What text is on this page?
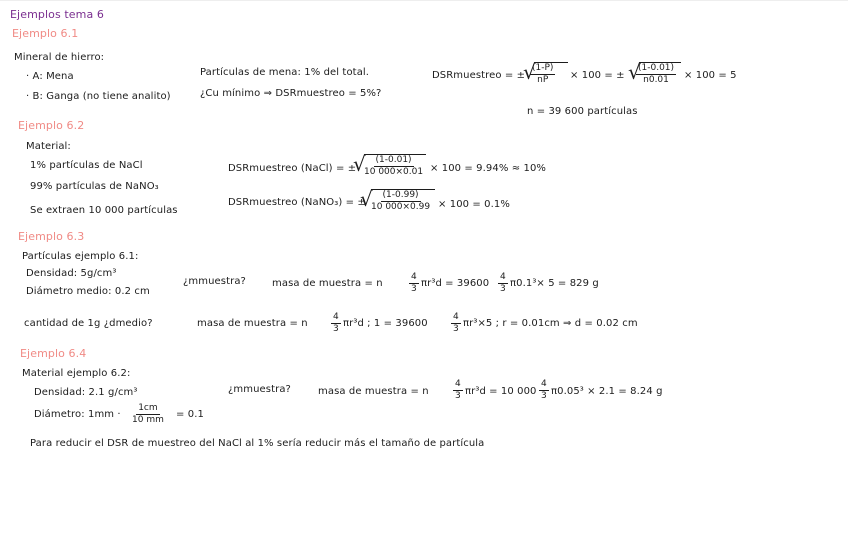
Ejemplos tema 6
Ejemplo 6.1
Mineral de hierro:
· A: Mena
· B: Ganga (no tiene analito)
Partículas de mena: 1% del total.
¿Cu mínimo ⇒ DSRmuestreo = 5%?
DSRmuestreo = ±
√
$\frac{(1-P)}{nP} \times 100$ = ± √
$\frac{(1-0.01)}{n0.01} \times 100 = 5$
n = 39 600 partículas
Ejemplo 6.2
Material:
1% partículas de NaCl
99% partículas de NaNO₃
Se extraen 10 000 partículas
DSRmuestreo (NaCl) = ±
√
$\frac{(1-0.01)}{10 000\times 0.01} \times 100 = 9.94\% \approx 10\%$
DSRmuestreo (NaNO₃) = ±
√
$\frac{(1-0.99)}{10 000\times 0.99} \times 100 = 0.1\%$
Ejemplo 6.3
Partículas ejemplo 6.1:
Densidad: 5g/cm³
Diámetro medio: 0.2 cm
¿mmuestra?	masa de muestra = n	$\frac{4}{3} \pi r^3d = 39600 \frac{4}{3} \pi 0.1^3\times 5 = 829$ g
cantidad de 1g ¿dmedio?	masa de muestra = n	$\frac{4}{3} \pi r^3d$ ; 1 = 39600	$\frac{4}{3} \pi r^3\times 5$ ; r = 0.01cm ⇒ d = 0.02 cm
Ejemplo 6.4
Material ejemplo 6.2:
Densidad: 2.1 g/cm³
Diámetro: $1mm \cdot \frac{1cm}{10 mm} = 0.1$
¿mmuestra?	masa de muestra = n	$\frac{4}{3} \pi r^3d = 10$ $000 \frac{4}{3} \pi 0.05^3 \times 2.1 = 8.24$ g
Para reducir el DSR de muestreo del NaCl al 1% sería reducir más el tamaño de partícula
